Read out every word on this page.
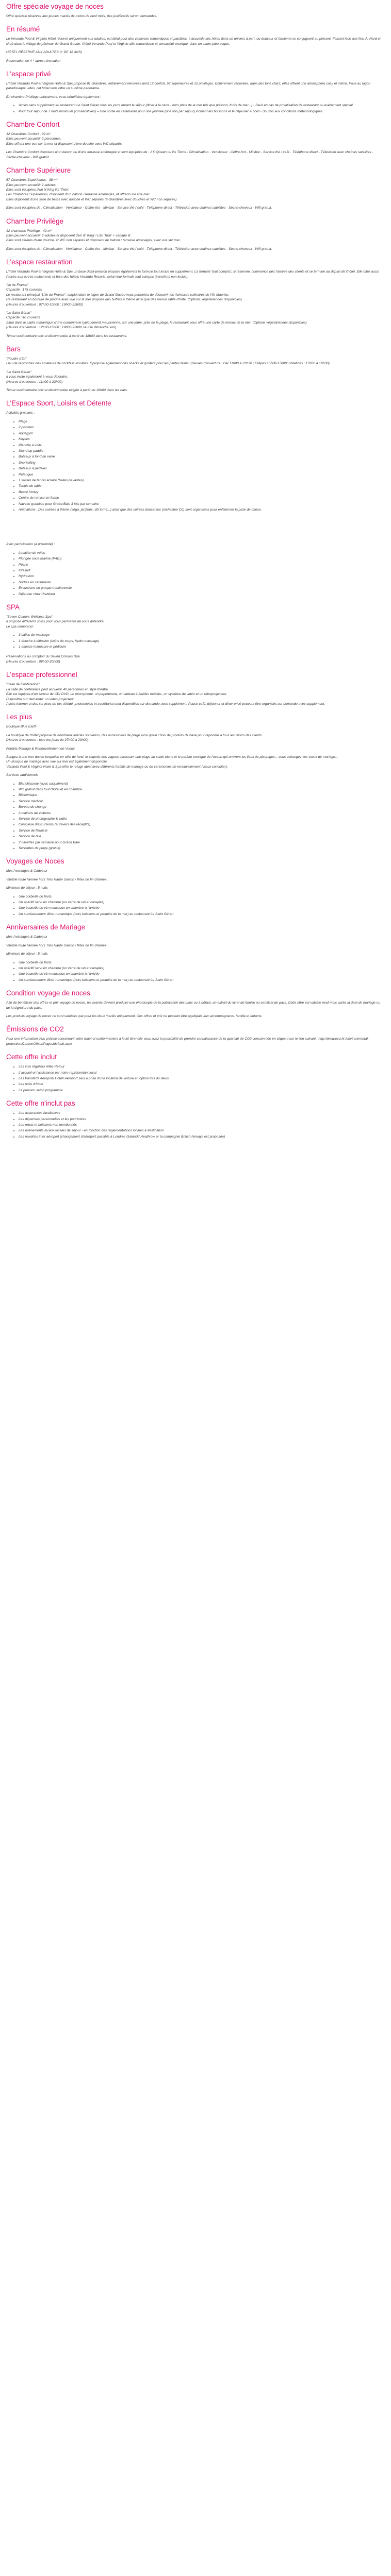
Offre spéciale voyage de noces

Offre spéciale réservée aux jeunes mariés de moins de neuf mois, des justificatifs seront demandés.

En résumé

Le Veranda Pool & Virginia Hôtel réservé uniquement aux adultes, est idéal pour des vacances romantiques et paisibles. Il accueille ses hôtes dans un univers à part, ou douceur et farniente se conjuguent au présent. Faisant face aux îles du Nord et situé dans le village de pêcheur de Grand Gaube, l'hôtel Veranda Pool et Virginie allie romantisme et sensualité exotique, dans un cadre pittoresque.

HÔTEL RÉSERVÉ AUX ADULTES (+ DE 18 ANS)

Réservation en 4 * après rénovation

L'espace privé

L'hôtel Veranda Pool et Virginia Hôtel & Spa propose 81 chambres, entièrement rénovées dont 12 confort, 57 supérieures et 12 privilèges. Entièrement rénovées, dans des tons clairs, elles offrent une atmosphère cosy et intime. Face au lagon paradisiaque, elles, cet hôtel vous offre un sublime panorama.

En chambre Privilège uniquement, vous bénéficiez également :

• Accès sans supplément au restaurant Le Saint Géran tous les jours durant le séjour (diner à la carte - hors plats de la mer tels que poisson, fruits de mer...) - Seuil en cas de privatisation de restaurant ou événement spécial
• Pour tout séjour de 7 nuits minimum (consécutives) = Une sortie en catamaran pour une journée (une fois par séjour) incluant les boissons et le déjeuner à bord - Soumis aux conditions météorologiques.
Chambre Confort

12 Chambres Confort - 32 m²

Elles peuvent accueillir 2 personnes.

Elles offrent une vue sur la mer et disposent d'une douche avec WC séparés.

Les Chambre Confort disposent d'un balcon ou d'une terrasse aménagée et sont équipées de : 1 lit Queen ou lits Twins - Climatisation - Ventilateur - Coffre-fort - Minibar - Service thé / café - Téléphone direct - Télévision avec chaînes satellites - Sèche-cheveux - Wifi gratuit

Chambre Supérieure

57 Chambres Supérieures - 38 m²

Elles peuvent accueillir 2 adultes

Elles sont équipées d'un lit King lits 'Twin'.

Les Chambres Supérieures, disposent d'un balcon / terrasse aménagés, et offrent une vue mer.

Elles disposent d'une salle de bains avec douche et WC séparés (6 chambres avec douches et WC non séparés)

Elles sont équipées de : Climatisation - Ventilateur - Coffre-fort - Minibar - Service thé / café - Téléphone direct - Télévision avec chaînes satellites - Sèche-cheveux - Wifi gratuit.

Chambre Privilège

12 chambres Privilège - 42 m²

Elles peuvent accueillir 2 adultes et disposent d'un lit 'King' / Lits 'Twin' + canapé lit.

Elles sont situées d'une douche, et WC non séparés et disposent de balcon / terrasse aménagés, avec vue sur mer.

Elles sont équipées de : Climatisation - Ventilateur - Coffre-fort - Minibar - Service thé / café - Téléphone direct - Télévision avec chaînes satellites - Sèche-cheveux - Wifi gratuit.

L'espace restauration

L'hôtel Veranda Pool et Virginia Hôtel & Spa un base demi-pension propose également la formule tout inclus en supplément. La formule 'tout compris', si réservée, commence dès l'arrivée des clients et se termine au départ de l'hôtel. Elle offre aussi l'accès aux autres restaurants et bars des hôtels Veranda Resorts, selon leur formule tout compris (transferts non inclus).

"Ile de France"

Capacité : 175 couverts

Le restaurant principal "L'Ile de France", surplombant le lagon de Grand Gaube vous permettra de découvrir les richesses culinaires de l'île Maurice.

Ce restaurant en bordure de piscine avec vue sur la mer propose des buffets à thème ainsi que des menus table d'hôte. (Options végétariennes disponibles)

(Heures d'ouverture : 07h00-10h00 ; 19h00-22h00)

"Le Saint Géran"

Capacité : 40 couverts

Situé dans le cadre romantique d'une cordonnerie typiquement mauricienne, sur une jetée, près de la plage, le restaurant vous offre une carte de menus de la mer. (Options végétariennes disponibles)

(Heures d'ouverture : 12h00-15h00 ; 19h00-22h00 sauf le dimanche soir)

Tenue vestimentaire chic et décontractée à partir de 18h00 dans les restaurants.

Bars

"Poudre d'Or"

Lieu de rencontres des amateurs de cocktails insolites. Il propose également des snacks et goûters pour les petites faims. (Heures d'ouverture : Bar 11h00 à 23h30 ; Crêpes 15h00-17h00; collations : 17h00 à 18h30)

"Le Saint Géran"

Il vous invite également à vous détendre.

(Heures d'ouverture : 11h00 à 23h00)

Tenue vestimentaire chic et décontractée exigée à partir de 18h00 dans les bars.

L'Espace Sport, Loisirs et Détente

Activités gratuites :

• Plage
• 2 piscines
• Aquagym
• Kayaks
• Planche à voile
• Stand up paddle
• Bateaux à fond de verre
• Snorkelling
• Bateaux à pédales
• Pétanque
• 1 terrain de tennis éclairé (balles payantes)
• Tennis de table
• Beach Volley
• Centre de remise en forme
• Navette gratuites pour Grabd Baie 3 fois par semaine
• Animations : Des soirées à thème (séga, jardinés, sfii torné...) ainsi que des soirées dansantes (orchestre/ DJ) sont organisées pour enflammer la piste de danse.

Avec participation (à proximité) :

• Location de vélos
• Plongée sous-marine (PADI)
• Pêche
• Kitesurf
• Hydravion
• Sorties en catamaran
• Excursions en groupe traditionnelle
• Déjeuner chez l'habitant
SPA

"Seven Colours Wellness Spa"

Il propose différents soins pour vous permettre de vous détendre.

Le spa comprend :

• 3 salles de massage
• 1 douche à diffusion (soins du corps, hydro massage)
• 1 espace manucure et pédicure

Réservations au comptoir du Seven Colours Spa.

(Heures d'ouverture : 08h00-20h00)

L'espace professionnel

"Salle de Conférence"

La salle de conférence peut accueillir 40 personnes en style théâtre

Elle est équipée d'un lecteur de CD/ DVD, un microphone, un paperboard, un tableau à feuilles mobiles, un système de vidéo et un rétroprojecteur.

Disponible sur demande: un vidéo-projecteur

Accès internet et des services de fax, télédé, photocopies et secrétariat sont disponibles sur demande avec supplément. Pause café, déjeuner et dîner privé peuvent être organisés sur demande avec supplément.

Les plus

Boutique Blue Earth

La boutique de l'hôtel propose de nombreux articles souvenirs, des accessoires de plage ainsi qu'un choix de produits de base pour répondre à tous les désirs des clients.

(Heures d'ouverture : tous les jours de 07h00 à 20h00)

Forfaits Mariage & Renouvellement de Voeux

Songez à une mer douce turquoise en toile de fond, le clapotis des vagues caressant une plage au sable blanc et le parfum exotique de l'océan qui enivrent les lieux de pâturages... vous échangez vos vœux de mariage...

Un kiosque de mariage avec vue sur mer est également disponible.

Véranda Pool & Virginia Hotel & Spa offre le refuge idéal avec différents forfaits de mariage ou de cérémonies de renouvellement (vœux consulter).

Services additionnels

• Blanchisserie (avec supplément)
• Wifi gratuit dans tout l'hôtel et en chambre
• Bibliothèque
• Service médical
• Bureau de change
• Locations de voitures
• Service de photographe & vidéo
• Complexe d'excursions (à travers des réceptifs)
• Service de fleuriste
• Service de taxi
• 2 navettes par semaine pour Grand Baie
• Serviettes de plage (gratuit)
Voyages de Noces

Mes Avantages & Cadeaux

Valable toute l'année hors Très Haute Saison / fêtes de fin d'année :

Minimum de séjour : 5 nuits

• Une corbeille de fruits
• Un apéritif servi en chambre (un verre de vin et canapés)
• Une bouteille de vin mousseux en chambre à l'arrivée
• Un surclassement dîner romantique (hors boissons et produits de la mer) au restaurant Le Saint Géran
Anniversaires de Mariage

Mes Avantages & Cadeaux

Valable toute l'année hors Très Haute Saison / fêtes de fin d'année :

Minimum de séjour : 5 nuits

• Une corbeille de fruits
• Un apéritif servi en chambre (un verre de vin et canapés)
• Une bouteille de vin mousseux en chambre à l'arrivée
• Un surclassement dîner romantique (hors boissons et produits de la mer) au restaurant Le Saint Géran
Condition voyage de noces

Afin de bénéficier des offres et prix voyage de noces, les mariés devront produire une photocopie de la publication des bans ou à défaut, un extrait du livret de famille ou certificat de pacs. Cette offre est valable neuf mois après la date de mariage ou de la signature du pacs.

Les produits voyage de noces ne sont valables que pour les deux mariés uniquement. Ces offres et prix ne peuvent être appliqués aux accompagnants, famille et enfants.

Émissions de CO2

Pour une information plus précise concernant votre trajet et conformément à la loi Grenelle vous avez la possibilité de prendre connaissance de la quantité de CO2 consommée en cliquant sur le lien suivant : http://www.eco.ht /environmental-protection/CarbonOffset/PagesIdefault.aspx

Cette offre inclut
• Les vols réguliers Allée Retour
• L'accueil et l'assistance par notre représentant local
• Les transferts Aéroport/ Hôtel/ Aéroport seul à prise d'une location de voiture en option lors du devis
• Les nuits d'hôtel
• La pension selon programme
Cette offre n'inclut pas
• Les assurances facultatives
• Les dépenses personnelles et les pourboires
• Les repas et boissons non mentionnés
• Les évènements locaux locales de séjour - en fonction des réglementations locales à destination
• Les navettes inter aéroport (changement d'aéroport possible à Londres Gatwick/ Heathrow or la compagnie British Airways est proposée)
